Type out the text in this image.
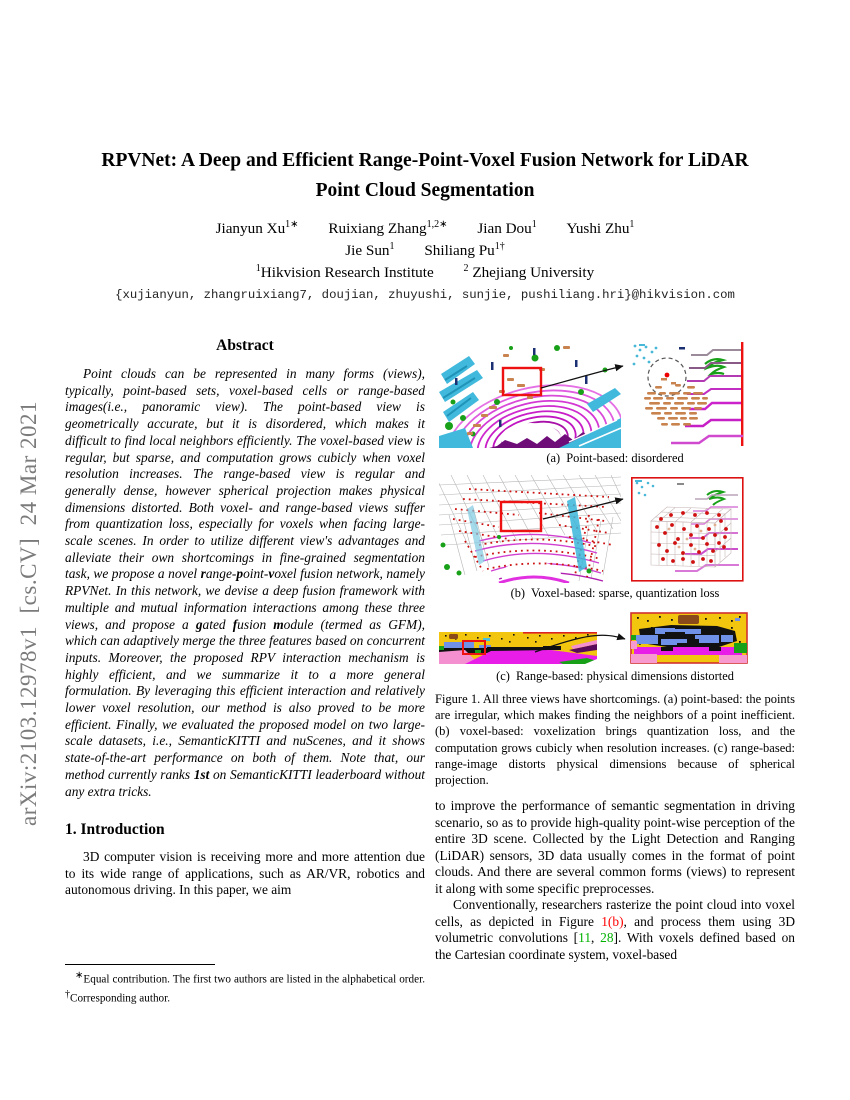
arXiv:2103.12978v1  [cs.CV]  24 Mar 2021
RPVNet: A Deep and Efficient Range-Point-Voxel Fusion Network for LiDAR
Point Cloud Segmentation
Jianyun $Xu^{1∗}$ Ruixiang Zhang$^{1,2∗}$ Jian Dou$^1$ Yushi Zhu$^1$
Jie Sun$^1$ Shiliang $Pu^{1\dagger}$
$^1$Hikvision Research Institute	$^2$ Zhejiang University
{xujianyun, zhangruixiang7, doujian, zhuyushi, sunjie, pushiliang.hri}@hikvision.com
Abstract

Point clouds can be represented in many forms (views), typically, point-based sets, voxel-based cells or range-based images(i.e., panoramic view). The point-based view is geometrically accurate, but it is disordered, which makes it difficult to find local neighbors efficiently. The voxel-based view is regular, but sparse, and computation grows cubicly when voxel resolution increases. The range-based view is regular and generally dense, however spherical projection makes physical dimensions distorted. Both voxel- and range-based views suffer from quantization loss, especially for voxels when facing large-scale scenes. In order to utilize different view's advantages and alleviate their own shortcomings in fine-grained segmentation task, we propose a novel range-point-voxel fusion network, namely RPVNet. In this network, we devise a deep fusion framework with multiple and mutual information interactions among these three views, and propose a gated fusion module (termed as GFM), which can adaptively merge the three features based on concurrent inputs. Moreover, the proposed RPV interaction mechanism is highly efficient, and we summarize it to a more general formulation. By leveraging this efficient interaction and relatively lower voxel resolution, our method is also proved to be more efficient. Finally, we evaluated the proposed model on two large-scale datasets, i.e., SemanticKITTI and nuScenes, and it shows state-of-the-art performance on both of them. Note that, our method currently ranks 1st on SemanticKITTI leaderboard without any extra tricks.

1. Introduction

3D computer vision is receiving more and more attention due to its wide range of applications, such as AR/VR, robotics and autonomous driving. In this paper, we aim

∗Equal contribution. The first two authors are listed in the alphabetical order. †Corresponding author.

(a)  Point-based: disordered
(b)  Voxel-based: sparse, quantization loss
(c)  Range-based: physical dimensions distorted

Figure 1. All three views have shortcomings. (a) point-based: the points are irregular, which makes finding the neighbors of a point inefficient. (b) voxel-based: voxelization brings quantization loss, and the computation grows cubicly when resolution increases. (c) range-based: range-image distorts physical dimensions because of spherical projection.

to improve the performance of semantic segmentation in driving scenario, so as to provide high-quality point-wise perception of the entire 3D scene. Collected by the Light Detection and Ranging (LiDAR) sensors, 3D data usually comes in the format of point clouds. And there are several common forms (views) to represent it along with some specific preprocesses.

Conventionally, researchers rasterize the point cloud into voxel cells, as depicted in Figure 1(b), and process them using 3D volumetric convolutions [11, 28]. With voxels defined based on the Cartesian coordinate system, voxel-based
